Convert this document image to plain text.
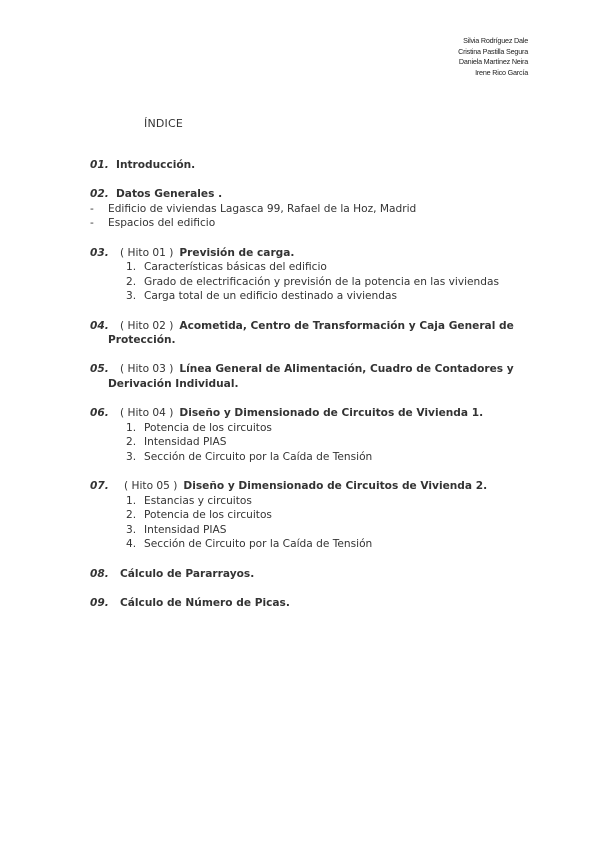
Silvia Rodríguez Dale
Cristina Pastilla Segura
Daniela Martínez Neira
Irene Rico García
ÍNDICE
01. Introducción.
02. Datos Generales .
-	Edificio de viviendas Lagasca 99, Rafael de la Hoz, Madrid
-	Espacios del edificio
03.	( Hito 01 ) Previsión de carga.
1. Características básicas del edificio
2. Grado de electrificación y previsión de la potencia en las viviendas
3. Carga total de un edificio destinado a viviendas
04.	( Hito 02 ) Acometida, Centro de Transformación y Caja General de
Protección.
05.	( Hito 03 ) Línea General de Alimentación, Cuadro de Contadores y
Derivación Individual.
06.	( Hito 04 ) Diseño y Dimensionado de Circuitos de Vivienda 1.
1. Potencia de los circuitos
2. Intensidad PIAS
3. Sección de Circuito por la Caída de Tensión
07.	( Hito 05 ) Diseño y Dimensionado de Circuitos de Vivienda 2.
1. Estancias y circuitos
2. Potencia de los circuitos
3. Intensidad PIAS
4. Sección de Circuito por la Caída de Tensión
08.	Cálculo de Pararrayos.
09.	Cálculo de Número de Picas.
